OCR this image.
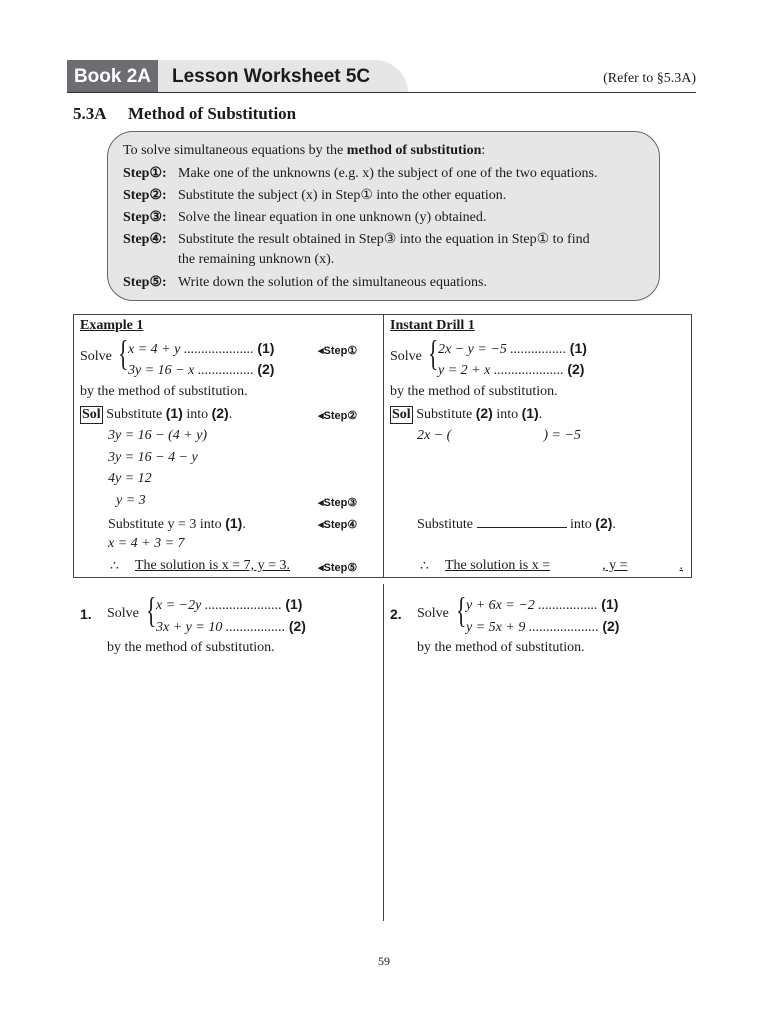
Book 2A	Lesson Worksheet 5C	(Refer to §5.3A)
5.3A Method of Substitution
To solve simultaneous equations by the method of substitution:
Step①: Make one of the unknowns (e.g. x) the subject of one of the two equations.
Step②: Substitute the subject (x) in Step① into the other equation.
Step③: Solve the linear equation in one unknown (y) obtained.
Step④: Substitute the result obtained in Step③ into the equation in Step① to find
the remaining unknown (x).
Step⑤: Write down the solution of the simultaneous equations.
Example 1
Solve { x = 4 + y .................... (1)
3y = 16 − x ................ (2)
◂Step①
by the method of substitution.
Sol Substitute (1) into (2).	◂Step②
3y = 16 − (4 + y)
3y = 16 − 4 − y
4y = 12
y = 3	◂Step③
Substitute y = 3 into (1).	◂Step④
x = 4 + 3 = 7
∴ The solution is x = 7, y = 3.	◂Step⑤
Instant Drill 1
Solve { 2x − y = −5 ................ (1)
y = 2 + x .................... (2)
by the method of substitution.
Sol Substitute (2) into (1).
2x − (	) = −5
Substitute	into (2).
∴ The solution is x =	, y =	.
1. Solve { x = −2y ...................... (1)
3x + y = 10 ................. (2)
by the method of substitution.
2. Solve { y + 6x = −2 ................. (1)
y = 5x + 9 .................... (2)
by the method of substitution.
59
